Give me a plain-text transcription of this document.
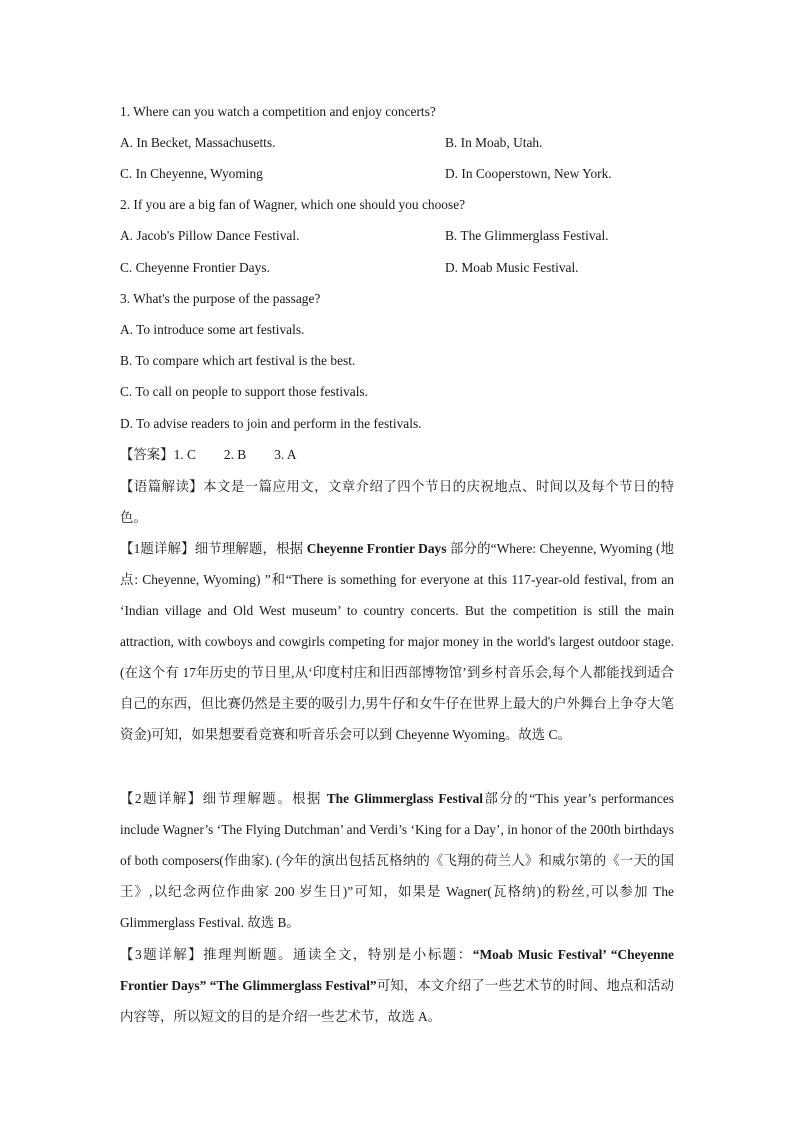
1. Where can you watch a competition and enjoy concerts?
A. In Becket, Massachusetts.	B. In Moab, Utah.
C. In Cheyenne, Wyoming	D. In Cooperstown, New York.
2. If you are a big fan of Wagner, which one should you choose?
A. Jacob's Pillow Dance Festival.	B. The Glimmerglass Festival.
C. Cheyenne Frontier Days.	D. Moab Music Festival.
3. What's the purpose of the passage?
A. To introduce some art festivals.
B. To compare which art festival is the best.
C. To call on people to support those festivals.
D. To advise readers to join and perform in the festivals.
【答案】1. C 2. B 3. A
【语篇解读】本文是一篇应用文，文章介绍了四个节日的庆祝地点、时间以及每个节日的特色。
【1题详解】细节理解题，根据 Cheyenne Frontier Days 部分的“Where: Cheyenne, Wyoming (地点: Cheyenne, Wyoming) ”和“There is something for everyone at this 117-year-old festival, from an ‘Indian village and Old West museum’ to country concerts. But the competition is still the main attraction, with cowboys and cowgirls competing for major money in the world's largest outdoor stage. (在这个有 17年历史的节日里,从‘印度村庄和旧西部博物馆’到乡村音乐会,每个人都能找到适合自己的东西，但比赛仍然是主要的吸引力,男牛仔和女牛仔在世界上最大的户外舞台上争夺大笔资金)可知，如果想要看竞赛和听音乐会可以到 Cheyenne Wyoming。故选 C。
【2题详解】细节理解题。根据 The Glimmerglass Festival部分的“This year’s performances include Wagner’s ‘The Flying Dutchman’ and Verdi’s ‘King for a Day’, in honor of the 200th birthdays of both composers(作曲家). (今年的演出包括瓦格纳的《飞翔的荷兰人》和威尔第的《一天的国王》,以纪念两位作曲家 200 岁生日)”可知，如果是 Wagner(瓦格纳)的粉丝,可以参加 The Glimmerglass Festival. 故选 B。
【3题详解】推理判断题。通读全文，特别是小标题：“Moab Music Festival’ “Cheyenne Frontier Days” “The Glimmerglass Festival”可知，本文介绍了一些艺术节的时间、地点和活动内容等，所以短文的目的是介绍一些艺术节，故选 A。
